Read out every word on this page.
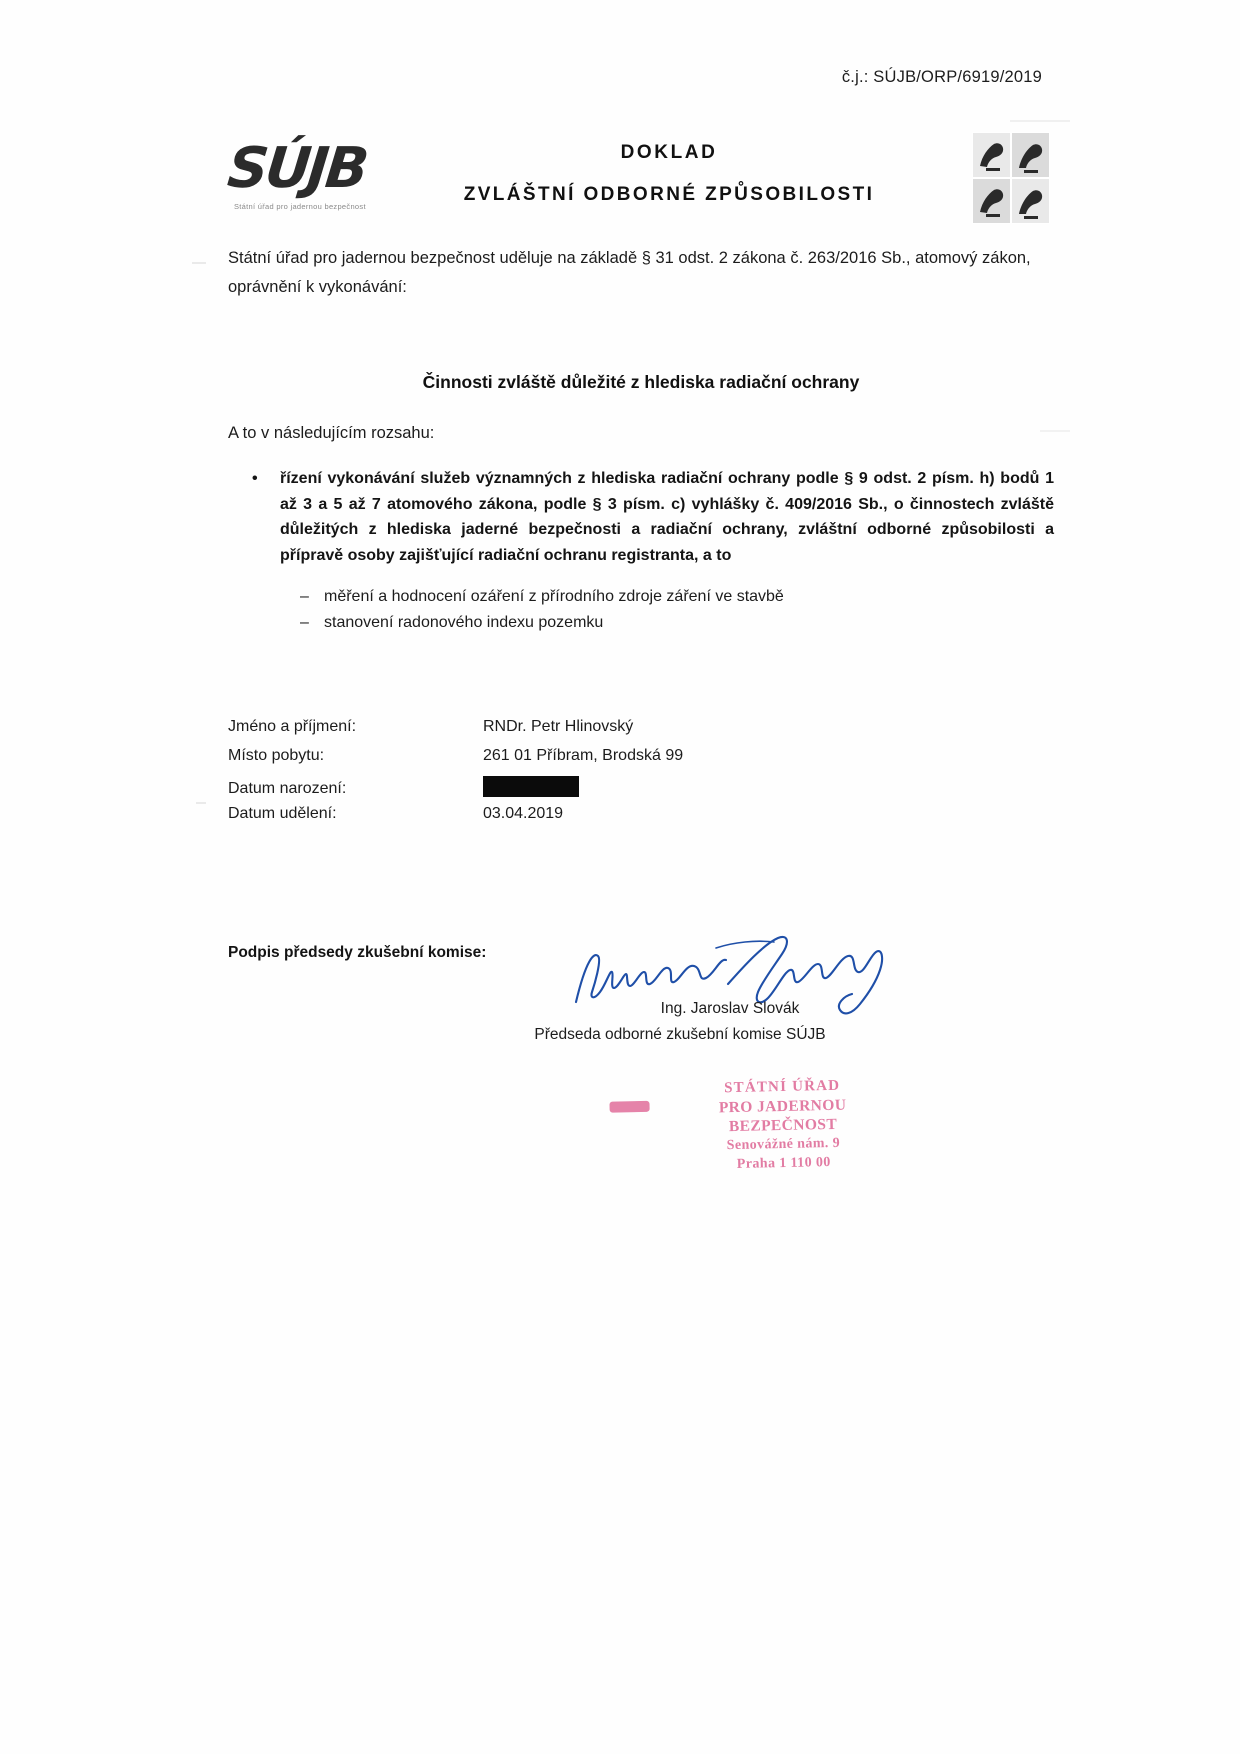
č.j.: SÚJB/ORP/6919/2019
SÚJB
Státní úřad pro jadernou bezpečnost
DOKLAD
ZVLÁŠTNÍ ODBORNÉ ZPŮSOBILOSTI
Státní úřad pro jadernou bezpečnost uděluje na základě § 31 odst. 2 zákona č. 263/2016 Sb., atomový zákon, oprávnění k vykonávání:
Činnosti zvláště důležité z hlediska radiační ochrany
A to v následujícím rozsahu:
• řízení vykonávání služeb významných z hlediska radiační ochrany podle § 9 odst. 2 písm. h) bodů 1 až 3 a 5 až 7 atomového zákona, podle § 3 písm. c) vyhlášky č. 409/2016 Sb., o činnostech zvláště důležitých z hlediska jaderné bezpečnosti a radiační ochrany, zvláštní odborné způsobilosti a přípravě osoby zajišťující radiační ochranu registranta, a to
– měření a hodnocení ozáření z přírodního zdroje záření ve stavbě
– stanovení radonového indexu pozemku
Jméno a příjmení:	RNDr. Petr Hlinovský
Místo pobytu:	261 01 Příbram, Brodská 99
Datum narození:
Datum udělení:	03.04.2019
Podpis předsedy zkušební komise:
Ing. Jaroslav Slovák
Předseda odborné zkušební komise SÚJB
STÁTNÍ ÚŘAD
PRO JADERNOU BEZPEČNOST
Senovážné nám. 9
Praha 1 110 00
